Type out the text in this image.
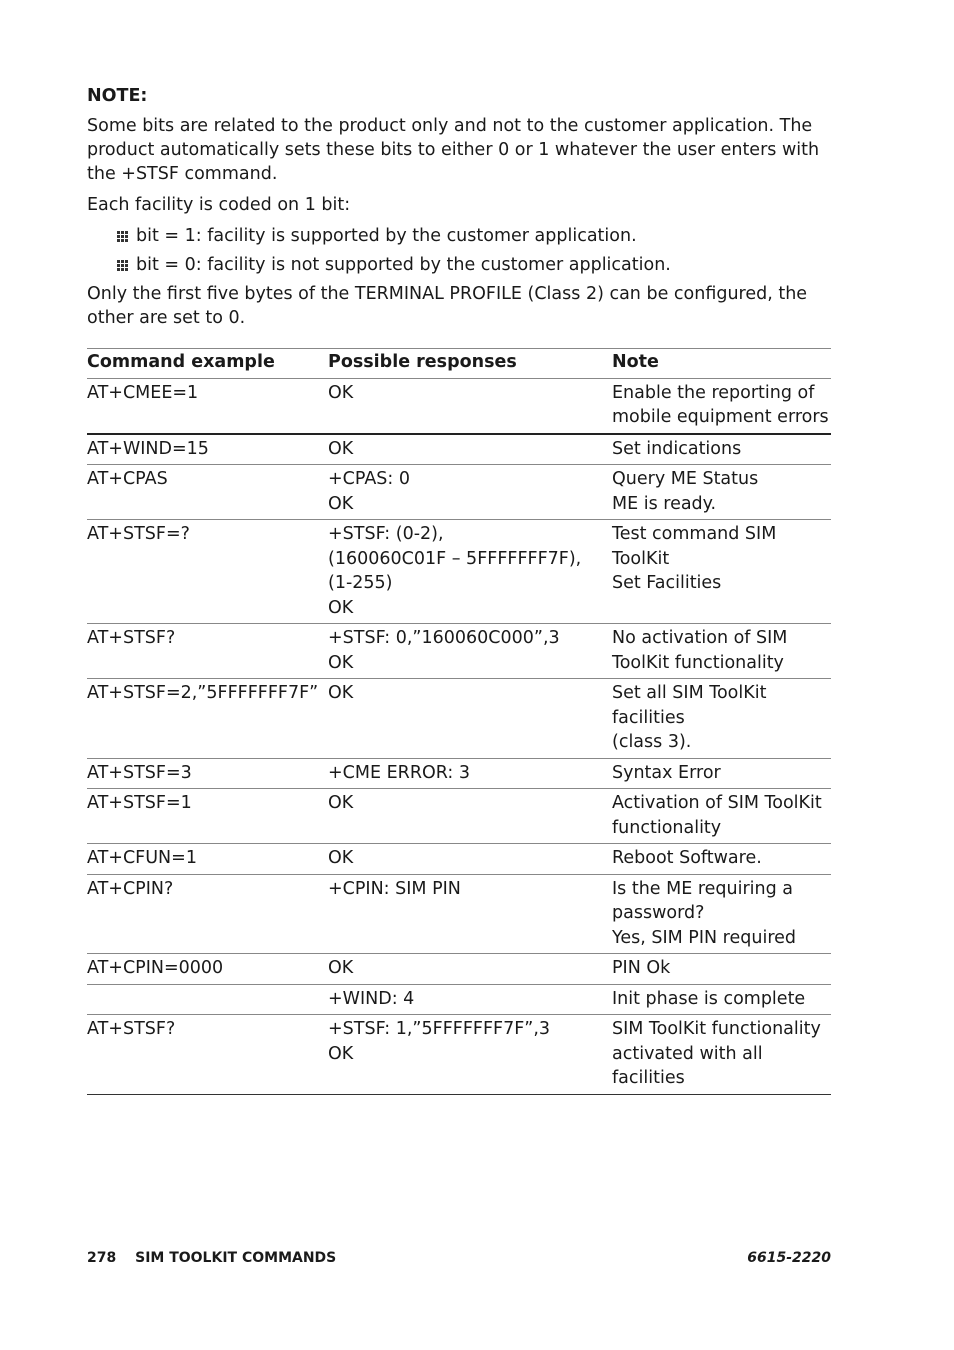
NOTE:

Some bits are related to the product only and not to the customer application. The product automatically sets these bits to either 0 or 1 whatever the user enters with the +STSF command.

Each facility is coded on 1 bit:

bit = 1: facility is supported by the customer application.
bit = 0: facility is not supported by the customer application.

Only the first five bytes of the TERMINAL PROFILE (Class 2) can be configured, the other are set to 0.

Command example	Possible responses	Note
AT+CMEE=1	OK	Enable the reporting of
mobile equipment errors

AT+WIND=15	OK	Set indications

AT+CPAS	+CPAS: 0
OK	Query ME Status
ME is ready.

AT+STSF=?	+STSF: (0-2),
(160060C01F – 5FFFFFFF7F),
(1-255)
OK	Test command SIM ToolKit
Set Facilities

AT+STSF?	+STSF: 0,”160060C000”,3
OK	No activation of SIM
ToolKit functionality

AT+STSF=2,”5FFFFFFF7F”	OK	Set all SIM ToolKit facilities
(class 3).

AT+STSF=3	+CME ERROR: 3	Syntax Error

AT+STSF=1	OK	Activation of SIM ToolKit
functionality

AT+CFUN=1	OK	Reboot Software.

AT+CPIN?	+CPIN: SIM PIN	Is the ME requiring a
password?
Yes, SIM PIN required

AT+CPIN=0000	OK	PIN Ok

	+WIND: 4	Init phase is complete

AT+STSF?	+STSF: 1,”5FFFFFFF7F”,3
OK	SIM ToolKit functionality
activated with all facilities
278 SIM TOOLKIT COMMANDS	6615-2220
